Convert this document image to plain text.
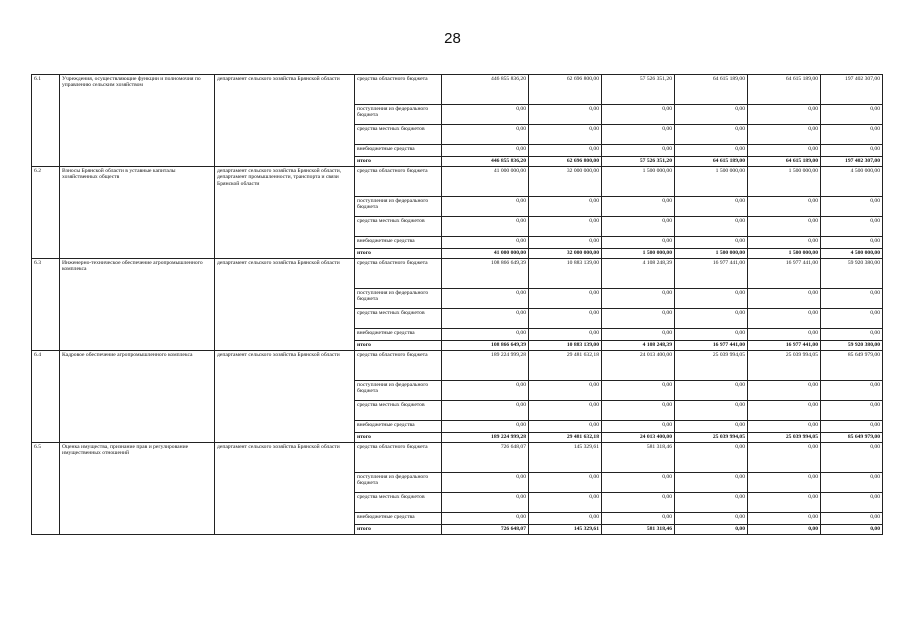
28
6.1	Учреждения, осуществляющие функции и полномочия по управлению сельским хозяйством	департамент сельского хозяйства Брянской области	средства областного бюджета	446 855 836,20	62 696 800,00	57 526 351,20	64 615 189,00	64 615 189,00	197 402 307,00
			поступления из федерального бюджета	0,00	0,00	0,00	0,00	0,00	0,00
			средства местных бюджетов	0,00	0,00	0,00	0,00	0,00	0,00
			внебюджетные средства	0,00	0,00	0,00	0,00	0,00	0,00
			итого	446 855 836,20	62 696 800,00	57 526 351,20	64 615 189,00	64 615 189,00	197 402 307,00
6.2	Взносы Брянской области в уставные капиталы хозяйственных обществ	департамент сельского хозяйства Брянской области, департамент промышленности, транспорта и связи Брянской области	средства областного бюджета	41 000 000,00	32 000 000,00	1 500 000,00	1 500 000,00	1 500 000,00	4 500 000,00
			поступления из федерального бюджета	0,00	0,00	0,00	0,00	0,00	0,00
			средства местных бюджетов	0,00	0,00	0,00	0,00	0,00	0,00
			внебюджетные средства	0,00	0,00	0,00	0,00	0,00	0,00
			итого	41 000 000,00	32 000 000,00	1 500 000,00	1 500 000,00	1 500 000,00	4 500 000,00
6.3	Инженерно-техническое обеспечение агропромышленного комплекса	департамент сельского хозяйства Брянской области	средства областного бюджета	108 866 649,39	10 883 139,00	4 108 248,39	16 977 441,00	16 977 441,00	59 920 380,00
			поступления из федерального бюджета	0,00	0,00	0,00	0,00	0,00	0,00
			средства местных бюджетов	0,00	0,00	0,00	0,00	0,00	0,00
			внебюджетные средства	0,00	0,00	0,00	0,00	0,00	0,00
			итого	108 866 649,39	10 883 139,00	4 108 248,39	16 977 441,00	16 977 441,00	59 920 380,00
6.4	Кадровое обеспечение агропромышленного комплекса	департамент сельского хозяйства Брянской области	средства областного бюджета	189 224 999,28	29 481 632,18	24 013 400,00	25 039 994,05	25 039 994,05	85 649 979,00
			поступления из федерального бюджета	0,00	0,00	0,00	0,00	0,00	0,00
			средства местных бюджетов	0,00	0,00	0,00	0,00	0,00	0,00
			внебюджетные средства	0,00	0,00	0,00	0,00	0,00	0,00
			итого	189 224 999,28	29 481 632,18	24 013 400,00	25 039 994,05	25 039 994,05	85 649 979,00
6.5	Оценка имущества, признание прав и регулирование имущественных отношений	департамент сельского хозяйства Брянской области	средства областного бюджета	726 648,07	145 329,61	581 318,46	0,00	0,00	0,00
			поступления из федерального бюджета	0,00	0,00	0,00	0,00	0,00	0,00
			средства местных бюджетов	0,00	0,00	0,00	0,00	0,00	0,00
			внебюджетные средства	0,00	0,00	0,00	0,00	0,00	0,00
			итого	726 648,07	145 329,61	581 318,46	0,00	0,00	0,00
